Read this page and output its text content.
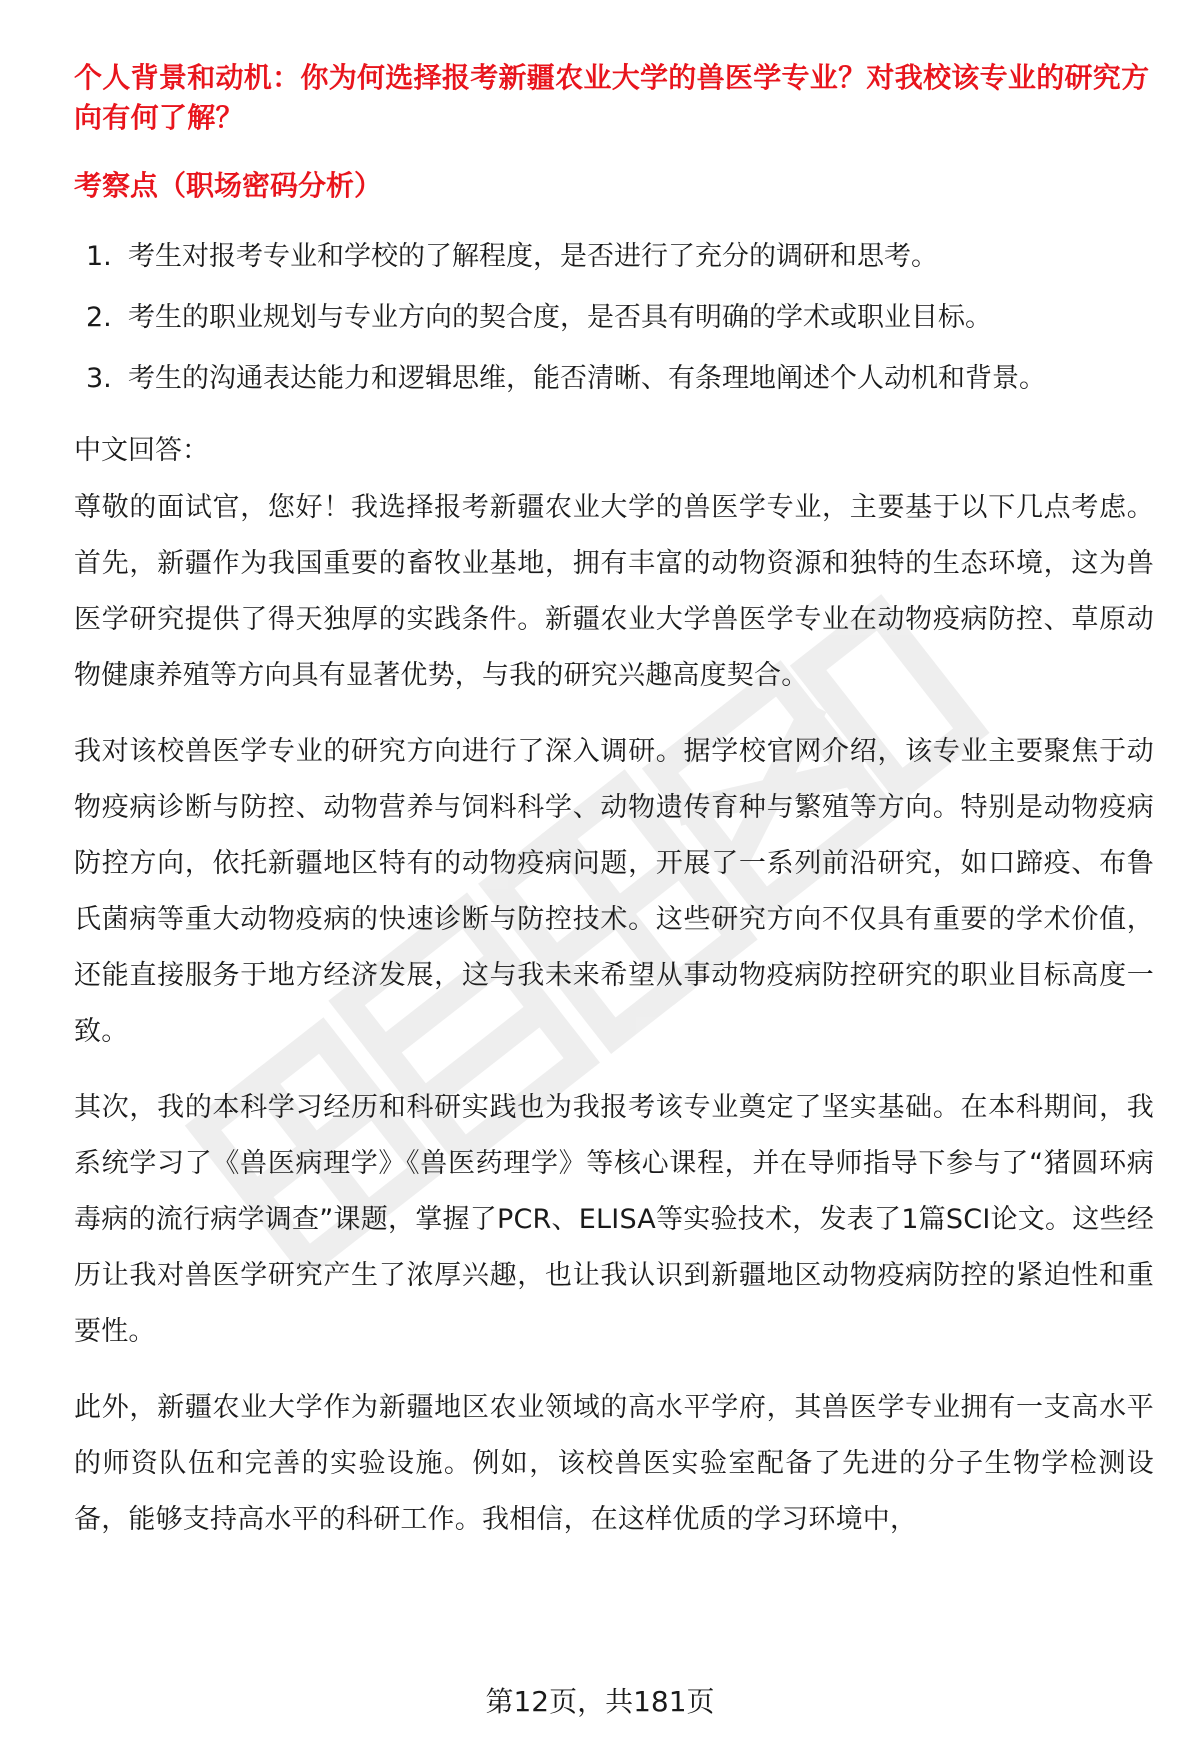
个人背景和动机：你为何选择报考新疆农业大学的兽医学专业？对我校该专业的研究方向有何了解？

考察点（职场密码分析）

1. 考生对报考专业和学校的了解程度，是否进行了充分的调研和思考。
2. 考生的职业规划与专业方向的契合度，是否具有明确的学术或职业目标。
3. 考生的沟通表达能力和逻辑思维，能否清晰、有条理地阐述个人动机和背景。

中文回答：

尊敬的面试官，您好！我选择报考新疆农业大学的兽医学专业，主要基于以下几点考虑。首先，新疆作为我国重要的畜牧业基地，拥有丰富的动物资源和独特的生态环境，这为兽医学研究提供了得天独厚的实践条件。新疆农业大学兽医学专业在动物疫病防控、草原动物健康养殖等方向具有显著优势，与我的研究兴趣高度契合。

我对该校兽医学专业的研究方向进行了深入调研。据学校官网介绍，该专业主要聚焦于动物疫病诊断与防控、动物营养与饲料科学、动物遗传育种与繁殖等方向。特别是动物疫病防控方向，依托新疆地区特有的动物疫病问题，开展了一系列前沿研究，如口蹄疫、布鲁氏菌病等重大动物疫病的快速诊断与防控技术。这些研究方向不仅具有重要的学术价值，还能直接服务于地方经济发展，这与我未来希望从事动物疫病防控研究的职业目标高度一致。

其次，我的本科学习经历和科研实践也为我报考该专业奠定了坚实基础。在本科期间，我系统学习了《兽医病理学》《兽医药理学》等核心课程，并在导师指导下参与了“猪圆环病毒病的流行病学调查”课题，掌握了PCR、ELISA等实验技术，发表了1篇SCI论文。这些经历让我对兽医学研究产生了浓厚兴趣，也让我认识到新疆地区动物疫病防控的紧迫性和重要性。

此外，新疆农业大学作为新疆地区农业领域的高水平学府，其兽医学专业拥有一支高水平的师资队伍和完善的实验设施。例如，该校兽医实验室配备了先进的分子生物学检测设备，能够支持高水平的科研工作。我相信，在这样优质的学习环境中，

第12页，共181页
